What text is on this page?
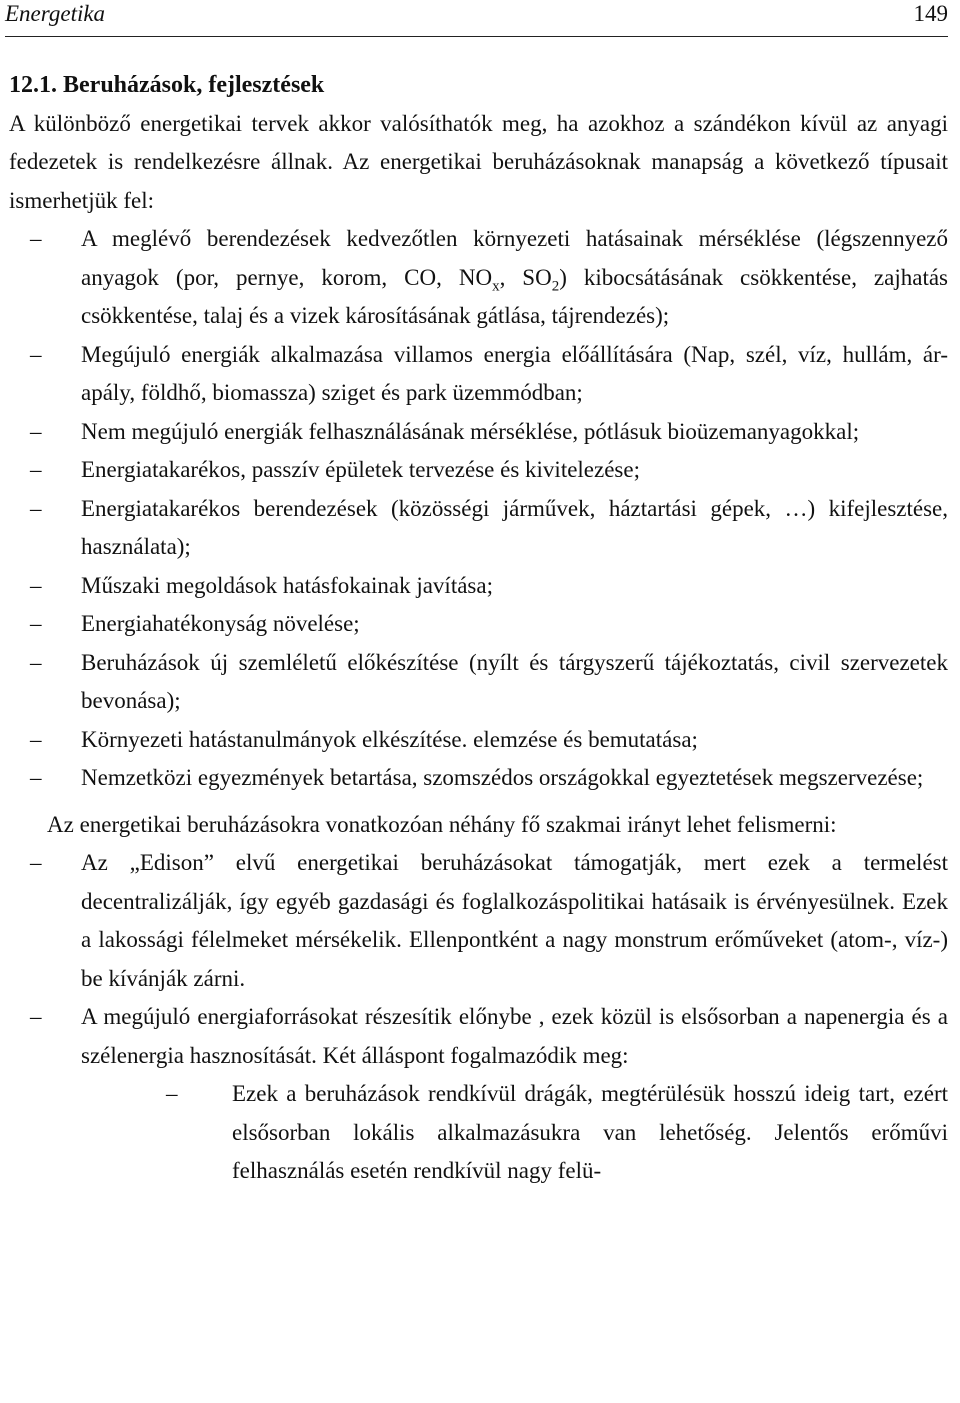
Energetika	149
12.1. Beruházások, fejlesztések

A különböző energetikai tervek akkor valósíthatók meg, ha azokhoz a szándékon kívül az anyagi fedezetek is rendelkezésre állnak. Az energetikai beruházásoknak manapság a következő típusait ismerhetjük fel:

– A meglévő berendezések kedvezőtlen környezeti hatásainak mérséklése (légszennyező anyagok (por, pernye, korom, CO, $NO_x$, $SO_2$) kibocsátásának csökkentése, zajhatás csökkentése, talaj és a vizek károsításának gátlása, tájrendezés);
– Megújuló energiák alkalmazása villamos energia előállítására (Nap, szél, víz, hullám, ár-apály, földhő, biomassza) sziget és park üzemmódban;
– Nem megújuló energiák felhasználásának mérséklése, pótlásuk bioüzemanyagokkal;
– Energiatakarékos, passzív épületek tervezése és kivitelezése;
– Energiatakarékos berendezések (közösségi járművek, háztartási gépek, …) kifejlesztése, használata);
– Műszaki megoldások hatásfokainak javítása;
– Energiahatékonyság növelése;
– Beruházások új szemléletű előkészítése (nyílt és tárgyszerű tájékoztatás, civil szervezetek bevonása);
– Környezeti hatástanulmányok elkészítése. elemzése és bemutatása;
– Nemzetközi egyezmények betartása, szomszédos országokkal egyeztetések megszervezése;

Az energetikai beruházásokra vonatkozóan néhány fő szakmai irányt lehet felismerni:

– Az „Edison” elvű energetikai beruházásokat támogatják, mert ezek a termelést decentralizálják, így egyéb gazdasági és foglalkozáspolitikai hatásaik is érvényesülnek. Ezek a lakossági félelmeket mérsékelik. Ellenpontként a nagy monstrum erőműveket (atom-, víz-) be kívánják zárni.
– A megújuló energiaforrásokat részesítik előnybe , ezek közül is elsősorban a napenergia és a szélenergia hasznosítását. Két álláspont fogalmazódik meg:
– Ezek a beruházások rendkívül drágák, megtérülésük hosszú ideig tart, ezért elsősorban lokális alkalmazásukra van lehetőség. Jelentős erőművi felhasználás esetén rendkívül nagy felü-
